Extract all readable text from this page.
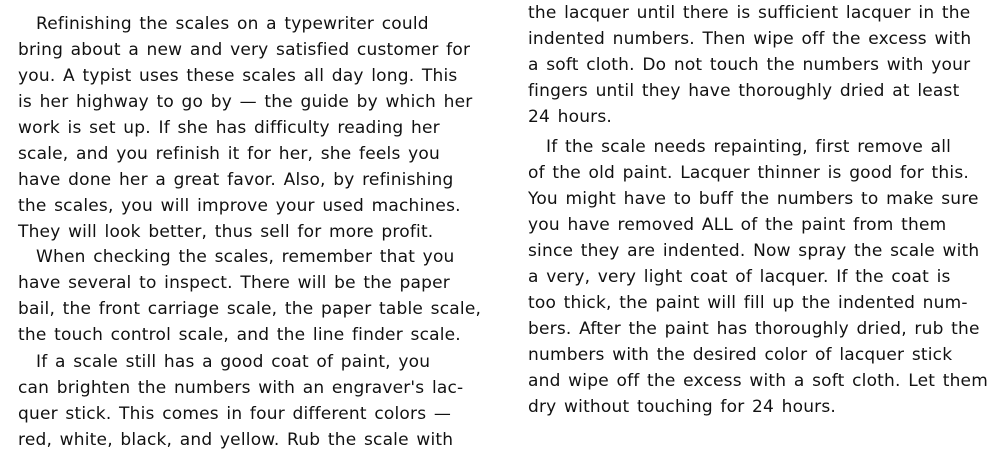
Refinishing the scales on a typewriter could
bring about a new and very satisfied customer for
you. A typist uses these scales all day long. This
is her highway to go by — the guide by which her
work is set up. If she has difficulty reading her
scale, and you refinish it for her, she feels you
have done her a great favor. Also, by refinishing
the scales, you will improve your used machines.
They will look better, thus sell for more profit.
When checking the scales, remember that you
have several to inspect. There will be the paper
bail, the front carriage scale, the paper table scale,
the touch control scale, and the line finder scale.
If a scale still has a good coat of paint, you
can brighten the numbers with an engraver's lac-
quer stick. This comes in four different colors —
red, white, black, and yellow. Rub the scale with
the lacquer until there is sufficient lacquer in the
indented numbers. Then wipe off the excess with
a soft cloth. Do not touch the numbers with your
fingers until they have thoroughly dried at least
24 hours.
If the scale needs repainting, first remove all
of the old paint. Lacquer thinner is good for this.
You might have to buff the numbers to make sure
you have removed ALL of the paint from them
since they are indented. Now spray the scale with
a very, very light coat of lacquer. If the coat is
too thick, the paint will fill up the indented num-
bers. After the paint has thoroughly dried, rub the
numbers with the desired color of lacquer stick
and wipe off the excess with a soft cloth. Let them
dry without touching for 24 hours.
